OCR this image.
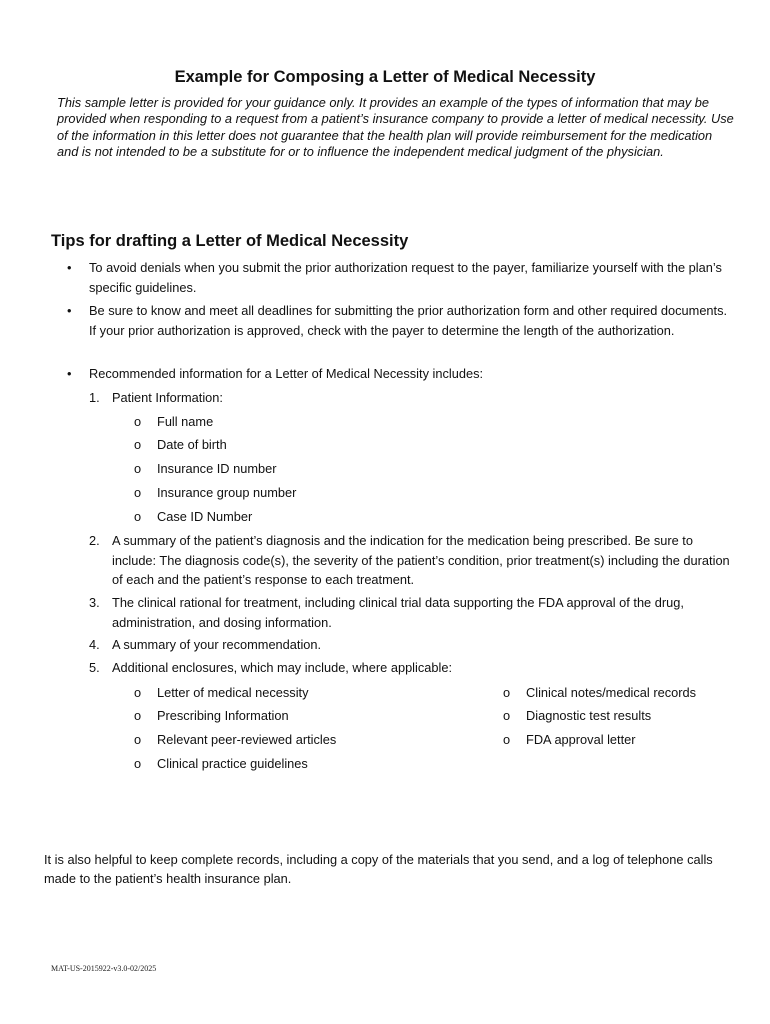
Example for Composing a Letter of Medical Necessity
This sample letter is provided for your guidance only. It provides an example of the types of information that may be provided when responding to a request from a patient’s insurance company to provide a letter of medical necessity. Use of the information in this letter does not guarantee that the health plan will provide reimbursement for the medication and is not intended to be a substitute for or to influence the independent medical judgment of the physician.
Tips for drafting a Letter of Medical Necessity
• To avoid denials when you submit the prior authorization request to the payer, familiarize yourself with the plan’s specific guidelines.
• Be sure to know and meet all deadlines for submitting the prior authorization form and other required documents. If your prior authorization is approved, check with the payer to determine the length of the authorization.
• Recommended information for a Letter of Medical Necessity includes:
1. Patient Information:
o Full name
o Date of birth
o Insurance ID number
o Insurance group number
o Case ID Number
2. A summary of the patient’s diagnosis and the indication for the medication being prescribed. Be sure to include: The diagnosis code(s), the severity of the patient’s condition, prior treatment(s) including the duration of each and the patient’s response to each treatment.
3. The clinical rational for treatment, including clinical trial data supporting the FDA approval of the drug, administration, and dosing information.
4. A summary of your recommendation.
5. Additional enclosures, which may include, where applicable:
o Letter of medical necessity
o Prescribing Information
o Relevant peer-reviewed articles
o Clinical practice guidelines
o Clinical notes/medical records
o Diagnostic test results
o FDA approval letter
It is also helpful to keep complete records, including a copy of the materials that you send, and a log of telephone calls made to the patient’s health insurance plan.
MAT-US-2015922-v3.0-02/2025
